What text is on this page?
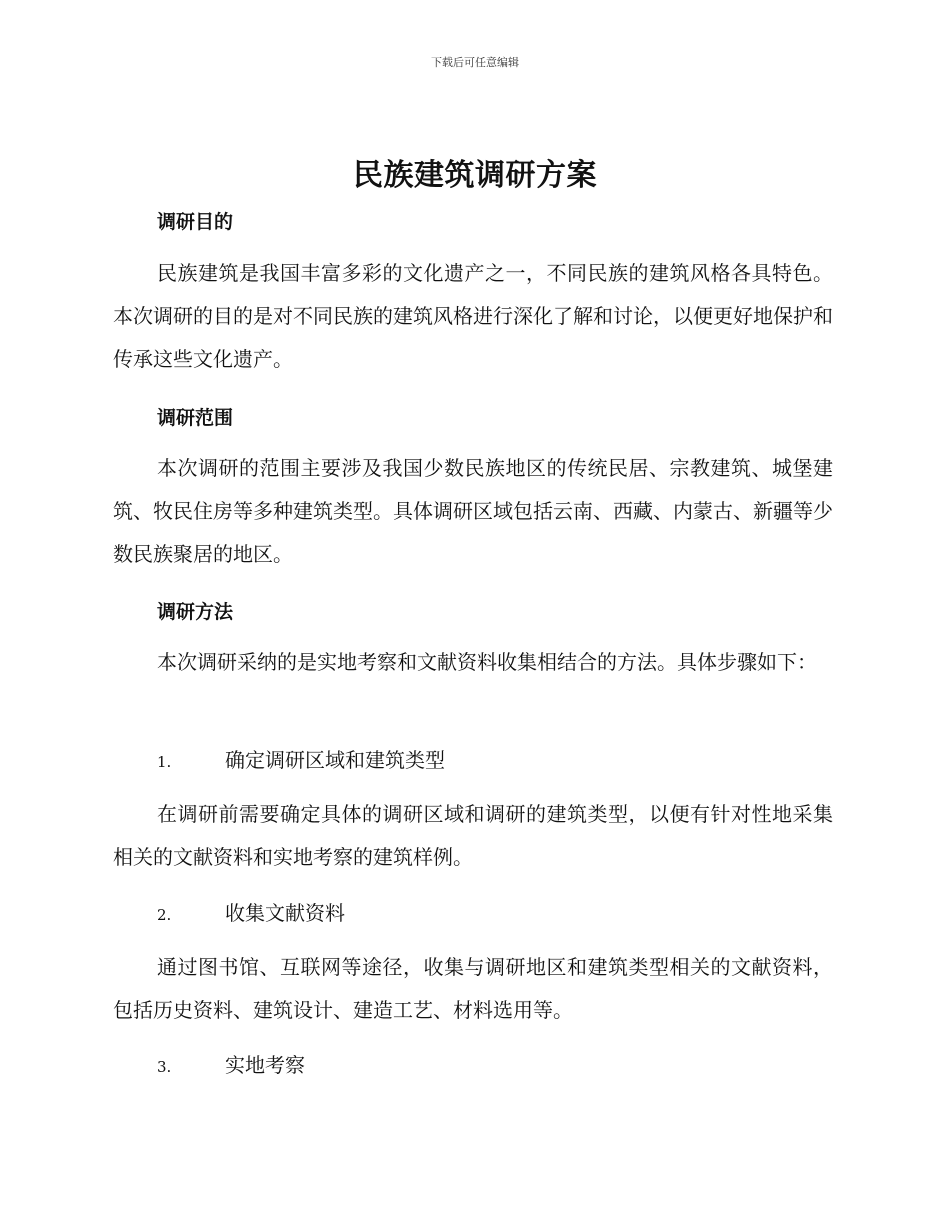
下载后可任意编辑
民族建筑调研方案
调研目的

民族建筑是我国丰富多彩的文化遗产之一，不同民族的建筑风格各具特色。本次调研的目的是对不同民族的建筑风格进行深化了解和讨论，以便更好地保护和传承这些文化遗产。

调研范围

本次调研的范围主要涉及我国少数民族地区的传统民居、宗教建筑、城堡建筑、牧民住房等多种建筑类型。具体调研区域包括云南、西藏、内蒙古、新疆等少数民族聚居的地区。

调研方法

本次调研采纳的是实地考察和文献资料收集相结合的方法。具体步骤如下：

1.	确定调研区域和建筑类型

在调研前需要确定具体的调研区域和调研的建筑类型，以便有针对性地采集相关的文献资料和实地考察的建筑样例。

2.	收集文献资料

通过图书馆、互联网等途径，收集与调研地区和建筑类型相关的文献资料，包括历史资料、建筑设计、建造工艺、材料选用等。

3.	实地考察
